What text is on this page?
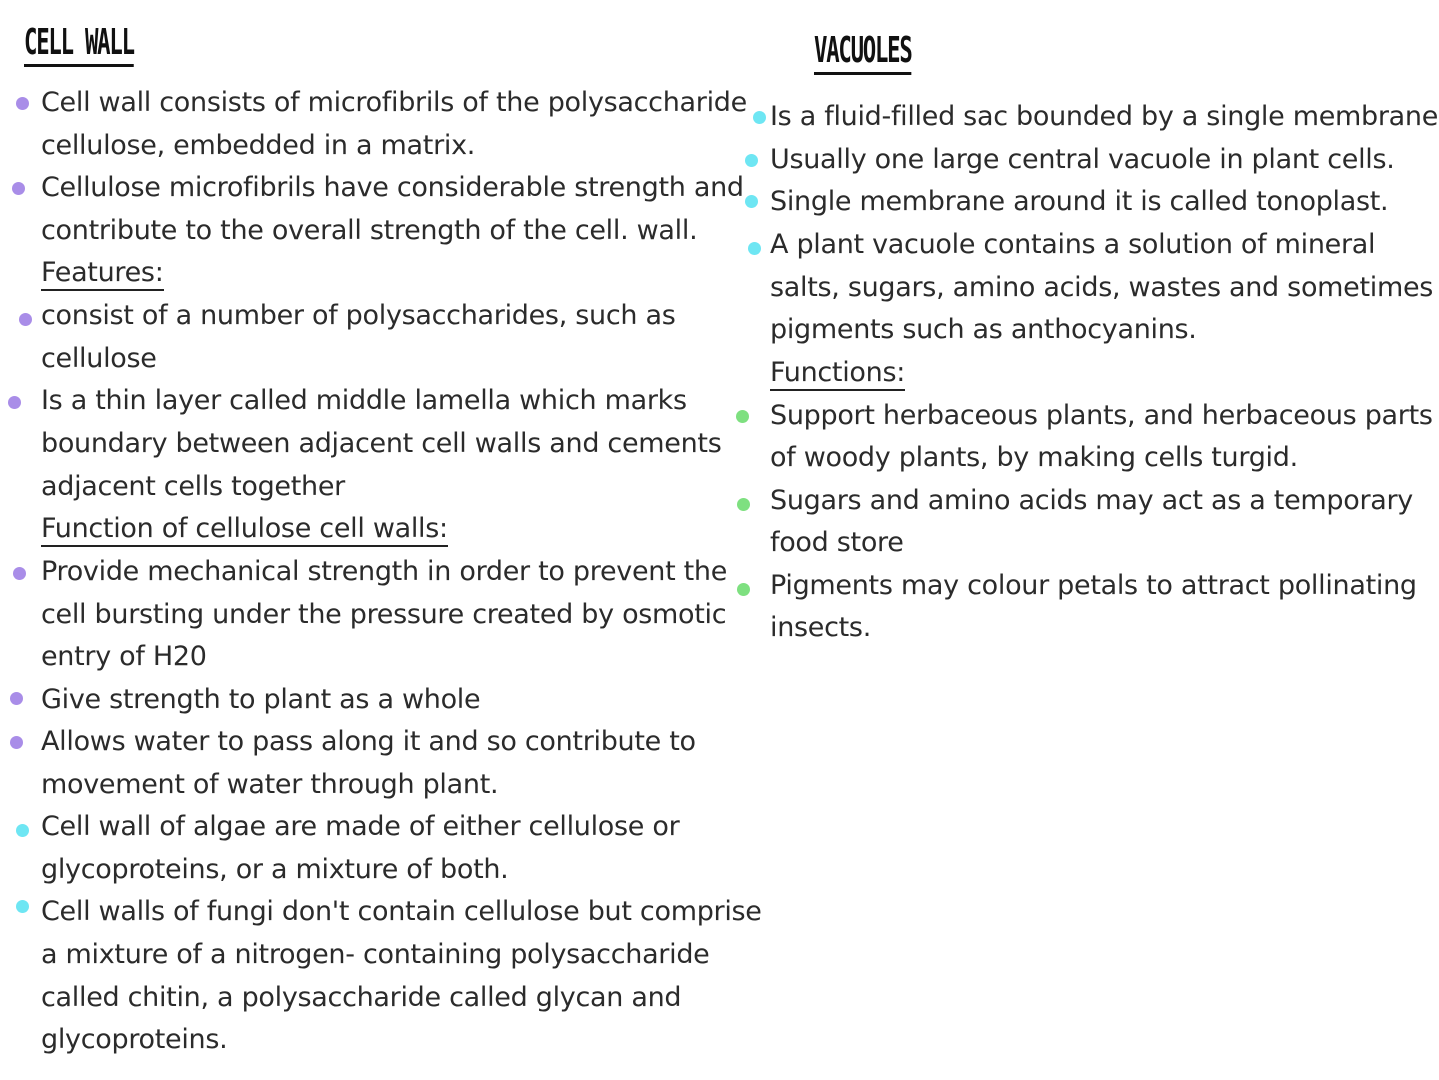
CELL WALL
Cell wall consists of microfibrils of the polysaccharide
cellulose, embedded in a matrix.
Cellulose microfibrils have considerable strength and
contribute to the overall strength of the cell. wall.
Features:
consist of a number of polysaccharides, such as
cellulose
Is a thin layer called middle lamella which marks
boundary between adjacent cell walls and cements
adjacent cells together
Function of cellulose cell walls:
Provide mechanical strength in order to prevent the
cell bursting under the pressure created by osmotic
entry of H20
Give strength to plant as a whole
Allows water to pass along it and so contribute to
movement of water through plant.
Cell wall of algae are made of either cellulose or
glycoproteins, or a mixture of both.
Cell walls of fungi don't contain cellulose but comprise
a mixture of a nitrogen- containing polysaccharide
called chitin, a polysaccharide called glycan and
glycoproteins.
VACUOLES
Is a fluid-filled sac bounded by a single membrane
Usually one large central vacuole in plant cells.
Single membrane around it is called tonoplast.
A plant vacuole contains a solution of mineral
salts, sugars, amino acids, wastes and sometimes
pigments such as anthocyanins.
Functions:
Support herbaceous plants, and herbaceous parts
of woody plants, by making cells turgid.
Sugars and amino acids may act as a temporary
food store
Pigments may colour petals to attract pollinating
insects.
